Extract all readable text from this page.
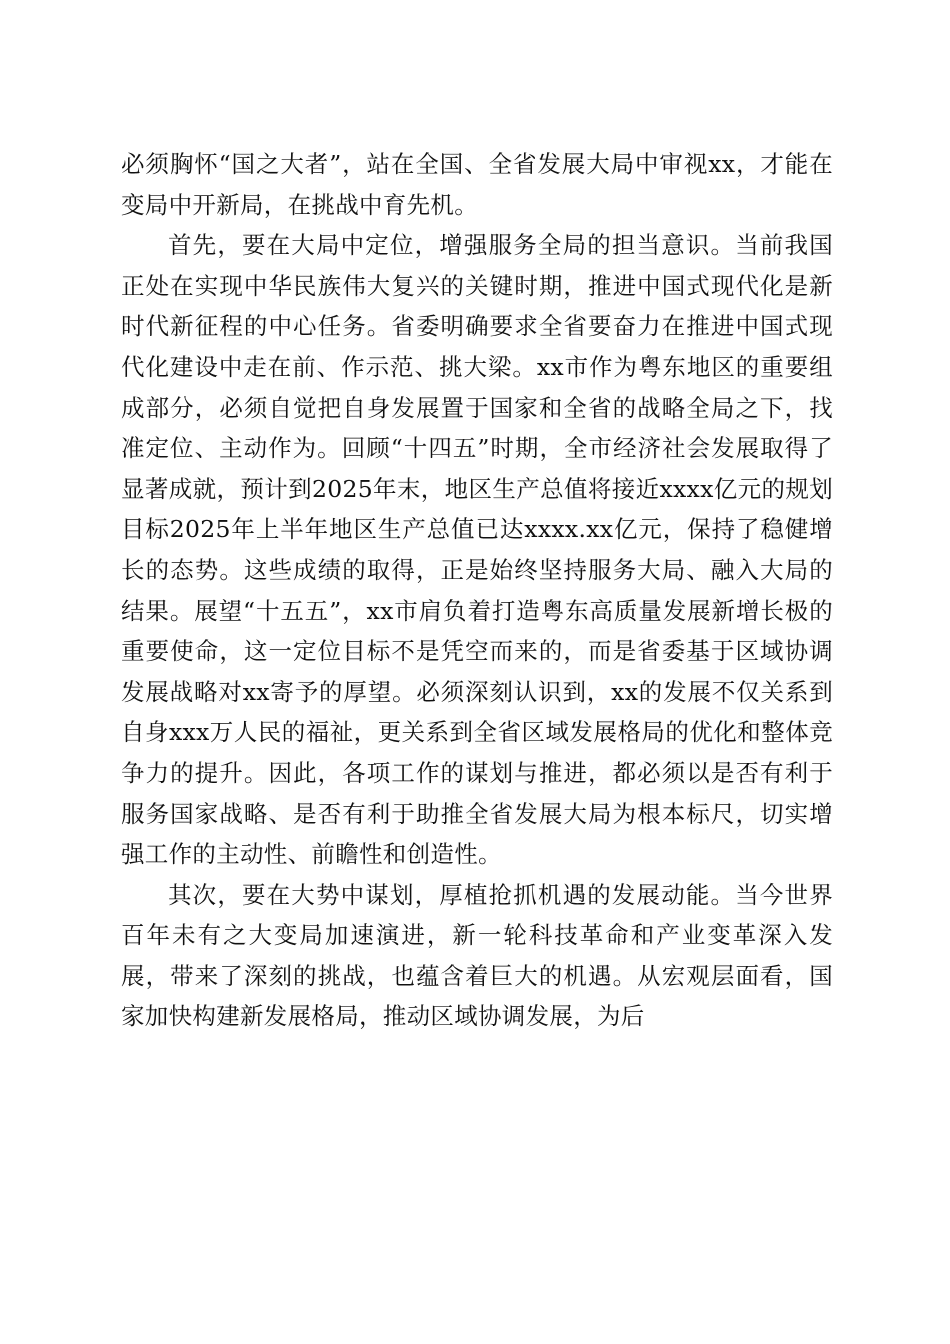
必须胸怀“国之大者”，站在全国、全省发展大局中审视xx，才能在变局中开新局，在挑战中育先机。

首先，要在大局中定位，增强服务全局的担当意识。当前我国正处在实现中华民族伟大复兴的关键时期，推进中国式现代化是新时代新征程的中心任务。省委明确要求全省要奋力在推进中国式现代化建设中走在前、作示范、挑大梁。xx市作为粤东地区的重要组成部分，必须自觉把自身发展置于国家和全省的战略全局之下，找准定位、主动作为。回顾“十四五”时期，全市经济社会发展取得了显著成就，预计到2025年末，地区生产总值将接近xxxx亿元的规划目标2025年上半年地区生产总值已达xxxx.xx亿元，保持了稳健增长的态势。这些成绩的取得，正是始终坚持服务大局、融入大局的结果。展望“十五五”，xx市肩负着打造粤东高质量发展新增长极的重要使命，这一定位目标不是凭空而来的，而是省委基于区域协调发展战略对xx寄予的厚望。必须深刻认识到，xx的发展不仅关系到自身xxx万人民的福祉，更关系到全省区域发展格局的优化和整体竞争力的提升。因此，各项工作的谋划与推进，都必须以是否有利于服务国家战略、是否有利于助推全省发展大局为根本标尺，切实增强工作的主动性、前瞻性和创造性。

其次，要在大势中谋划，厚植抢抓机遇的发展动能。当今世界百年未有之大变局加速演进，新一轮科技革命和产业变革深入发展，带来了深刻的挑战，也蕴含着巨大的机遇。从宏观层面看，国家加快构建新发展格局，推动区域协调发展，为后
